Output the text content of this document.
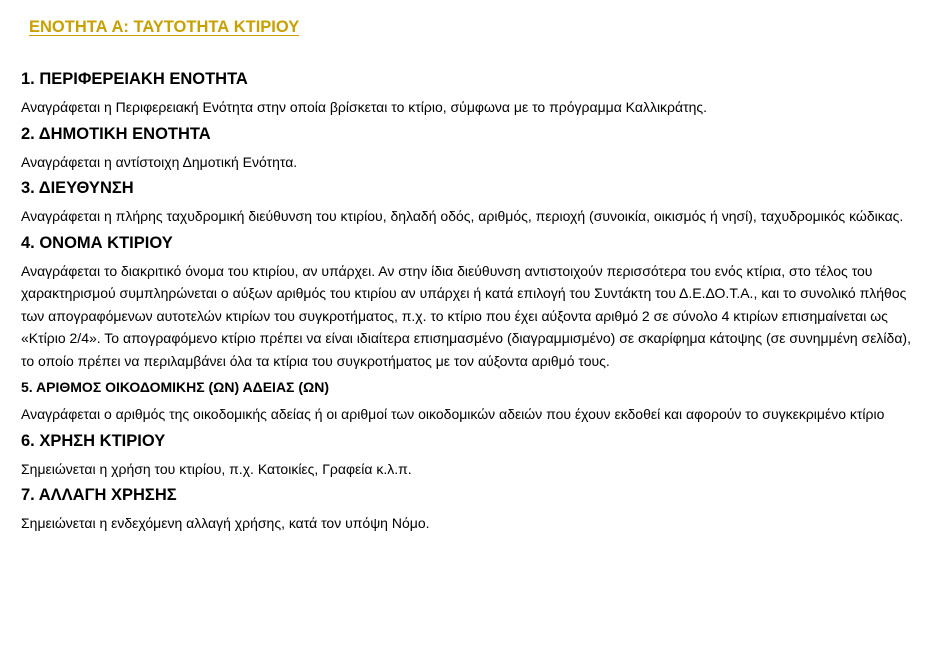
ΕΝΟΤΗΤΑ Α: ΤΑΥΤΟΤΗΤΑ ΚΤΙΡΙΟΥ
1. ΠΕΡΙΦΕΡΕΙΑΚΗ ΕΝΟΤΗΤΑ

Αναγράφεται η Περιφερειακή Ενότητα στην οποία βρίσκεται το κτίριο, σύμφωνα με το πρόγραμμα Καλλικράτης.

2. ΔΗΜΟΤΙΚΗ ΕΝΟΤΗΤΑ

Αναγράφεται η αντίστοιχη Δημοτική Ενότητα.

3. ΔΙΕΥΘΥΝΣΗ

Αναγράφεται η πλήρης ταχυδρομική διεύθυνση του κτιρίου, δηλαδή οδός, αριθμός, περιοχή (συνοικία, οικισμός ή νησί), ταχυδρομικός κώδικας.

4. ΟΝΟΜΑ ΚΤΙΡΙΟΥ

Αναγράφεται το διακριτικό όνομα του κτιρίου, αν υπάρχει. Αν στην ίδια διεύθυνση αντιστοιχούν περισσότερα του ενός κτίρια, στο τέλος του χαρακτηρισμού συμπληρώνεται ο αύξων αριθμός του κτιρίου αν υπάρχει ή κατά επιλογή του Συντάκτη του Δ.Ε.ΔΟ.Τ.Α., και το συνολικό πλήθος των απογραφόμενων αυτοτελών κτιρίων του συγκροτήματος, π.χ. το κτίριο που έχει αύξοντα αριθμό 2 σε σύνολο 4 κτιρίων επισημαίνεται ως «Κτίριο 2/4». Το απογραφόμενο κτίριο πρέπει να είναι ιδιαίτερα επισημασμένο (διαγραμμισμένο) σε σκαρίφημα κάτοψης (σε συνημμένη σελίδα), το οποίο πρέπει να περιλαμβάνει όλα τα κτίρια του συγκροτήματος με τον αύξοντα αριθμό τους.

5. ΑΡΙΘΜΟΣ ΟΙΚΟΔΟΜΙΚΗΣ (ΩΝ) ΑΔΕΙΑΣ (ΩΝ)

Αναγράφεται ο αριθμός της οικοδομικής αδείας ή οι αριθμοί των οικοδομικών αδειών που έχουν εκδοθεί και αφορούν το συγκεκριμένο κτίριο

6. ΧΡΗΣΗ ΚΤΙΡΙΟΥ

Σημειώνεται η χρήση του κτιρίου, π.χ. Κατοικίες, Γραφεία κ.λ.π.

7. ΑΛΛΑΓΗ ΧΡΗΣΗΣ

Σημειώνεται η ενδεχόμενη αλλαγή χρήσης, κατά τον υπόψη Νόμο.
